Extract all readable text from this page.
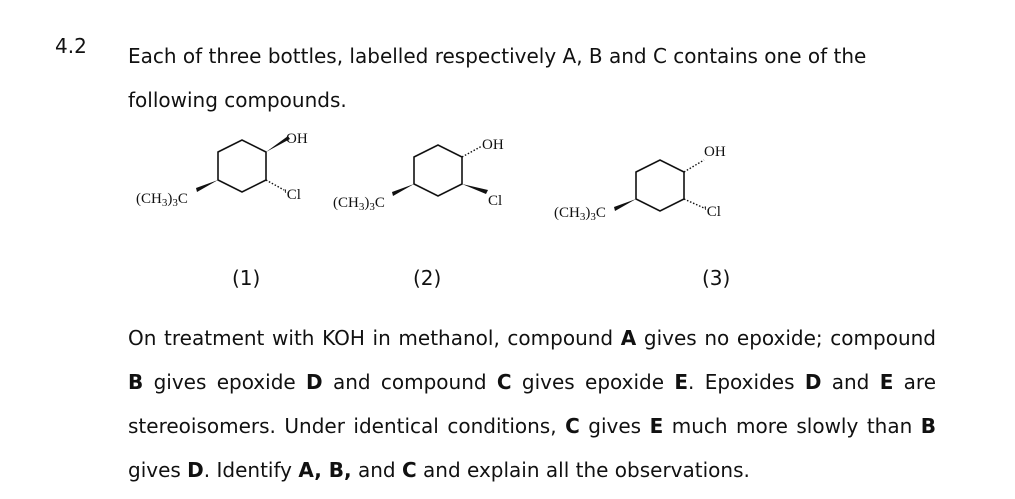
4.2 Each of three bottles, labelled respectively A, B and C contains one of the following compounds.
OH
'Cl
$(CH_3)_3C$
OH
Cl
$(CH_3)_3C$
OH
'Cl
$(CH_3)_3C$
(1)	(2)	(3)
On treatment with KOH in methanol, compound A gives no epoxide; compound B gives epoxide D and compound C gives epoxide E. Epoxides D and E are stereoisomers. Under identical conditions, C gives E much more slowly than B gives D. Identify A, B, and C and explain all the observations.
